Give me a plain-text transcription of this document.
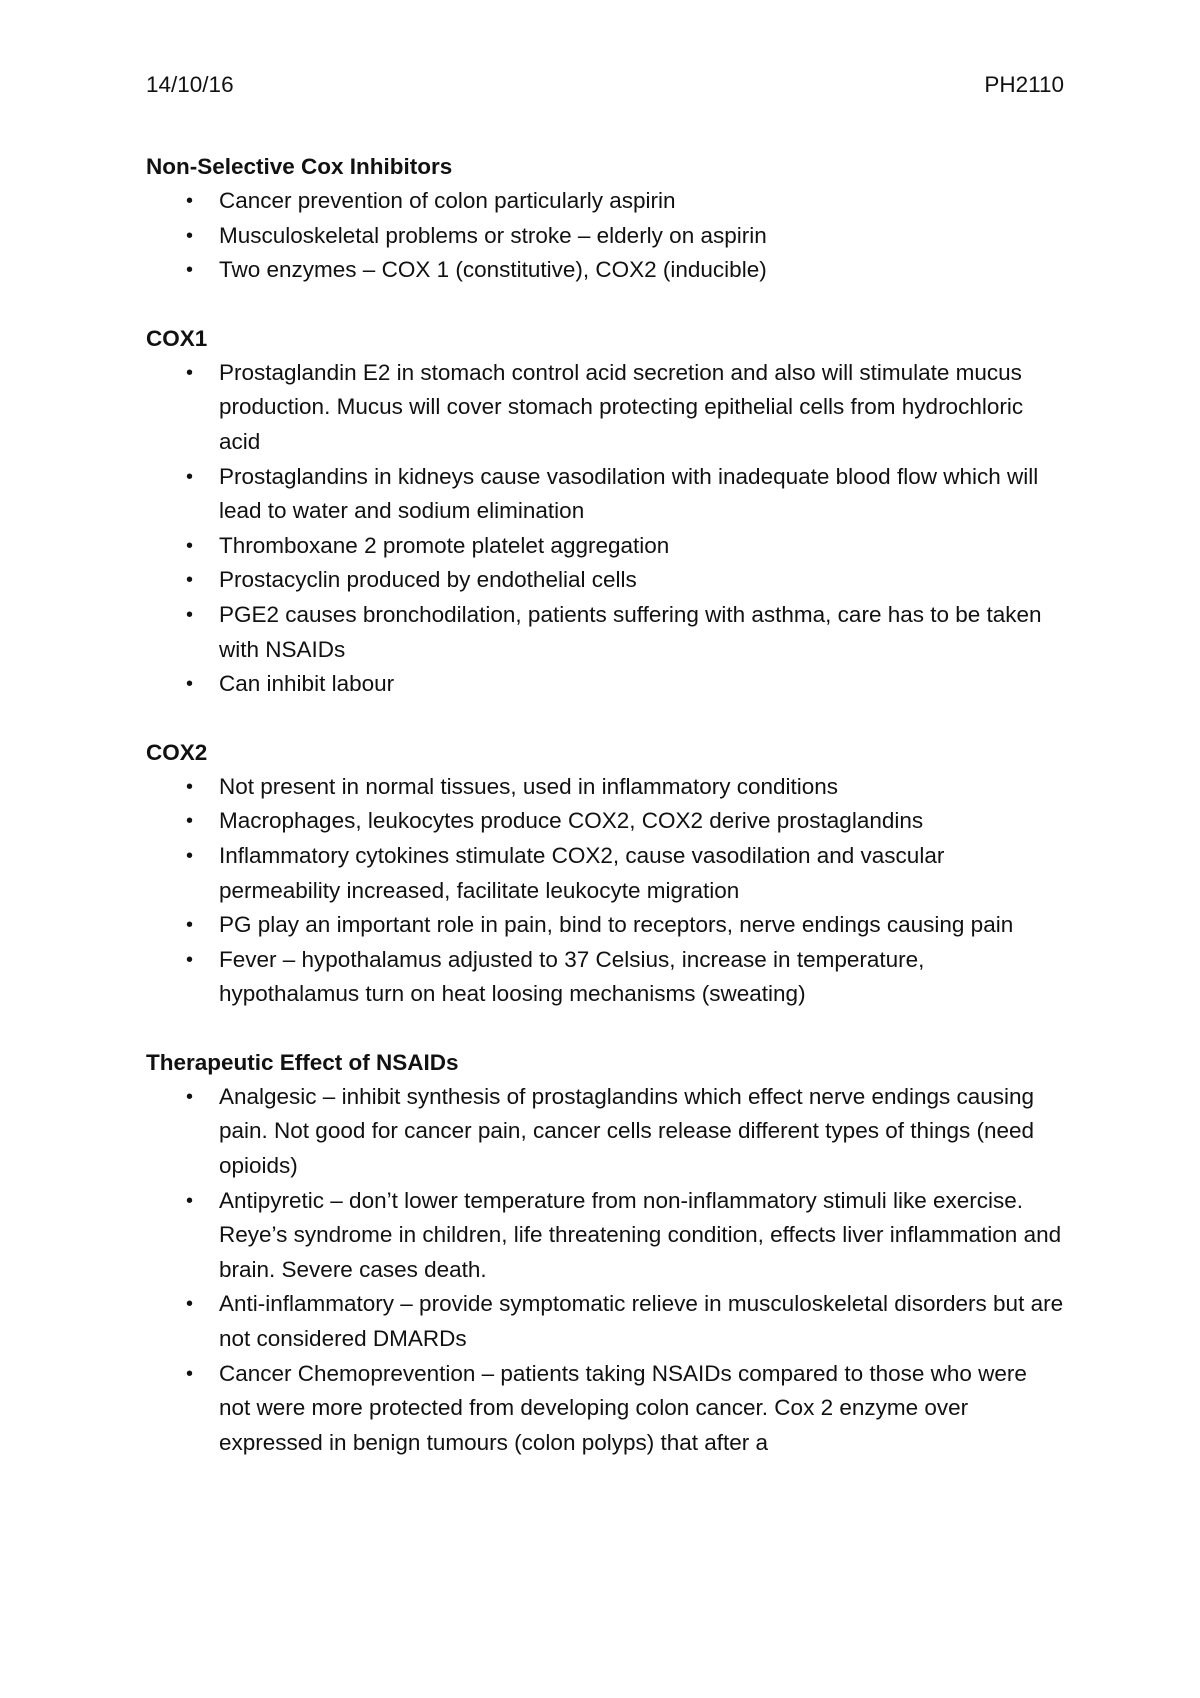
14/10/16	PH2110
Non-Selective Cox Inhibitors
• Cancer prevention of colon particularly aspirin
• Musculoskeletal problems or stroke – elderly on aspirin
• Two enzymes – COX 1 (constitutive), COX2 (inducible)
COX1
• Prostaglandin E2 in stomach control acid secretion and also will stimulate mucus production. Mucus will cover stomach protecting epithelial cells from hydrochloric acid
• Prostaglandins in kidneys cause vasodilation with inadequate blood flow which will lead to water and sodium elimination
• Thromboxane 2 promote platelet aggregation
• Prostacyclin produced by endothelial cells
• PGE2 causes bronchodilation, patients suffering with asthma, care has to be taken with NSAIDs
• Can inhibit labour
COX2
• Not present in normal tissues, used in inflammatory conditions
• Macrophages, leukocytes produce COX2, COX2 derive prostaglandins
• Inflammatory cytokines stimulate COX2, cause vasodilation and vascular permeability increased, facilitate leukocyte migration
• PG play an important role in pain, bind to receptors, nerve endings causing pain
• Fever – hypothalamus adjusted to 37 Celsius, increase in temperature, hypothalamus turn on heat loosing mechanisms (sweating)
Therapeutic Effect of NSAIDs
• Analgesic – inhibit synthesis of prostaglandins which effect nerve endings causing pain. Not good for cancer pain, cancer cells release different types of things (need opioids)
• Antipyretic – don’t lower temperature from non-inflammatory stimuli like exercise. Reye’s syndrome in children, life threatening condition, effects liver inflammation and brain. Severe cases death.
• Anti-inflammatory – provide symptomatic relieve in musculoskeletal disorders but are not considered DMARDs
• Cancer Chemoprevention – patients taking NSAIDs compared to those who were not were more protected from developing colon cancer. Cox 2 enzyme over expressed in benign tumours (colon polyps) that after a
